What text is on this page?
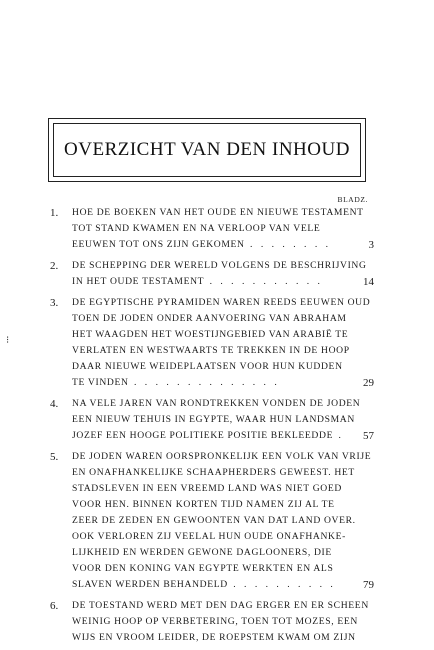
OVERZICHT VAN DEN INHOUD
BLADZ.
⁝
1.	HOE DE BOEKEN VAN HET OUDE EN NIEUWE TESTAMENT
TOT STAND KWAMEN EN NA VERLOOP VAN VELE
EEUWEN TOT ONS ZIJN GEKOMEN . . . . . . . .	3
2.	DE SCHEPPING DER WERELD VOLGENS DE BESCHRIJVING
IN HET OUDE TESTAMENT . . . . . . . . . . .	14
3.	DE EGYPTISCHE PYRAMIDEN WAREN REEDS EEUWEN OUD
TOEN DE JODEN ONDER AANVOERING VAN ABRAHAM
HET WAAGDEN HET WOESTIJNGEBIED VAN ARABIË TE
VERLATEN EN WESTWAARTS TE TREKKEN IN DE HOOP
DAAR NIEUWE WEIDEPLAATSEN VOOR HUN KUDDEN
TE VINDEN . . . . . . . . . . . . . .	29
4.	NA VELE JAREN VAN RONDTREKKEN VONDEN DE JODEN
EEN NIEUW TEHUIS IN EGYPTE, WAAR HUN LANDSMAN
JOZEF EEN HOOGE POLITIEKE POSITIE BEKLEEDDE .	57
5.	DE JODEN WAREN OORSPRONKELIJK EEN VOLK VAN VRIJE
EN ONAFHANKELIJKE SCHAAPHERDERS GEWEEST. HET
STADSLEVEN IN EEN VREEMD LAND WAS NIET GOED
VOOR HEN. BINNEN KORTEN TIJD NAMEN ZIJ AL TE
ZEER DE ZEDEN EN GEWOONTEN VAN DAT LAND OVER.
OOK VERLOREN ZIJ VEELAL HUN OUDE ONAFHANKE-
LIJKHEID EN WERDEN GEWONE DAGLOONERS, DIE
VOOR DEN KONING VAN EGYPTE WERKTEN EN ALS
SLAVEN WERDEN BEHANDELD . . . . . . . . . .	79
6.	DE TOESTAND WERD MET DEN DAG ERGER EN ER SCHEEN
WEINIG HOOP OP VERBETERING, TOEN TOT MOZES, EEN
WIJS EN VROOM LEIDER, DE ROEPSTEM KWAM OM ZIJN
